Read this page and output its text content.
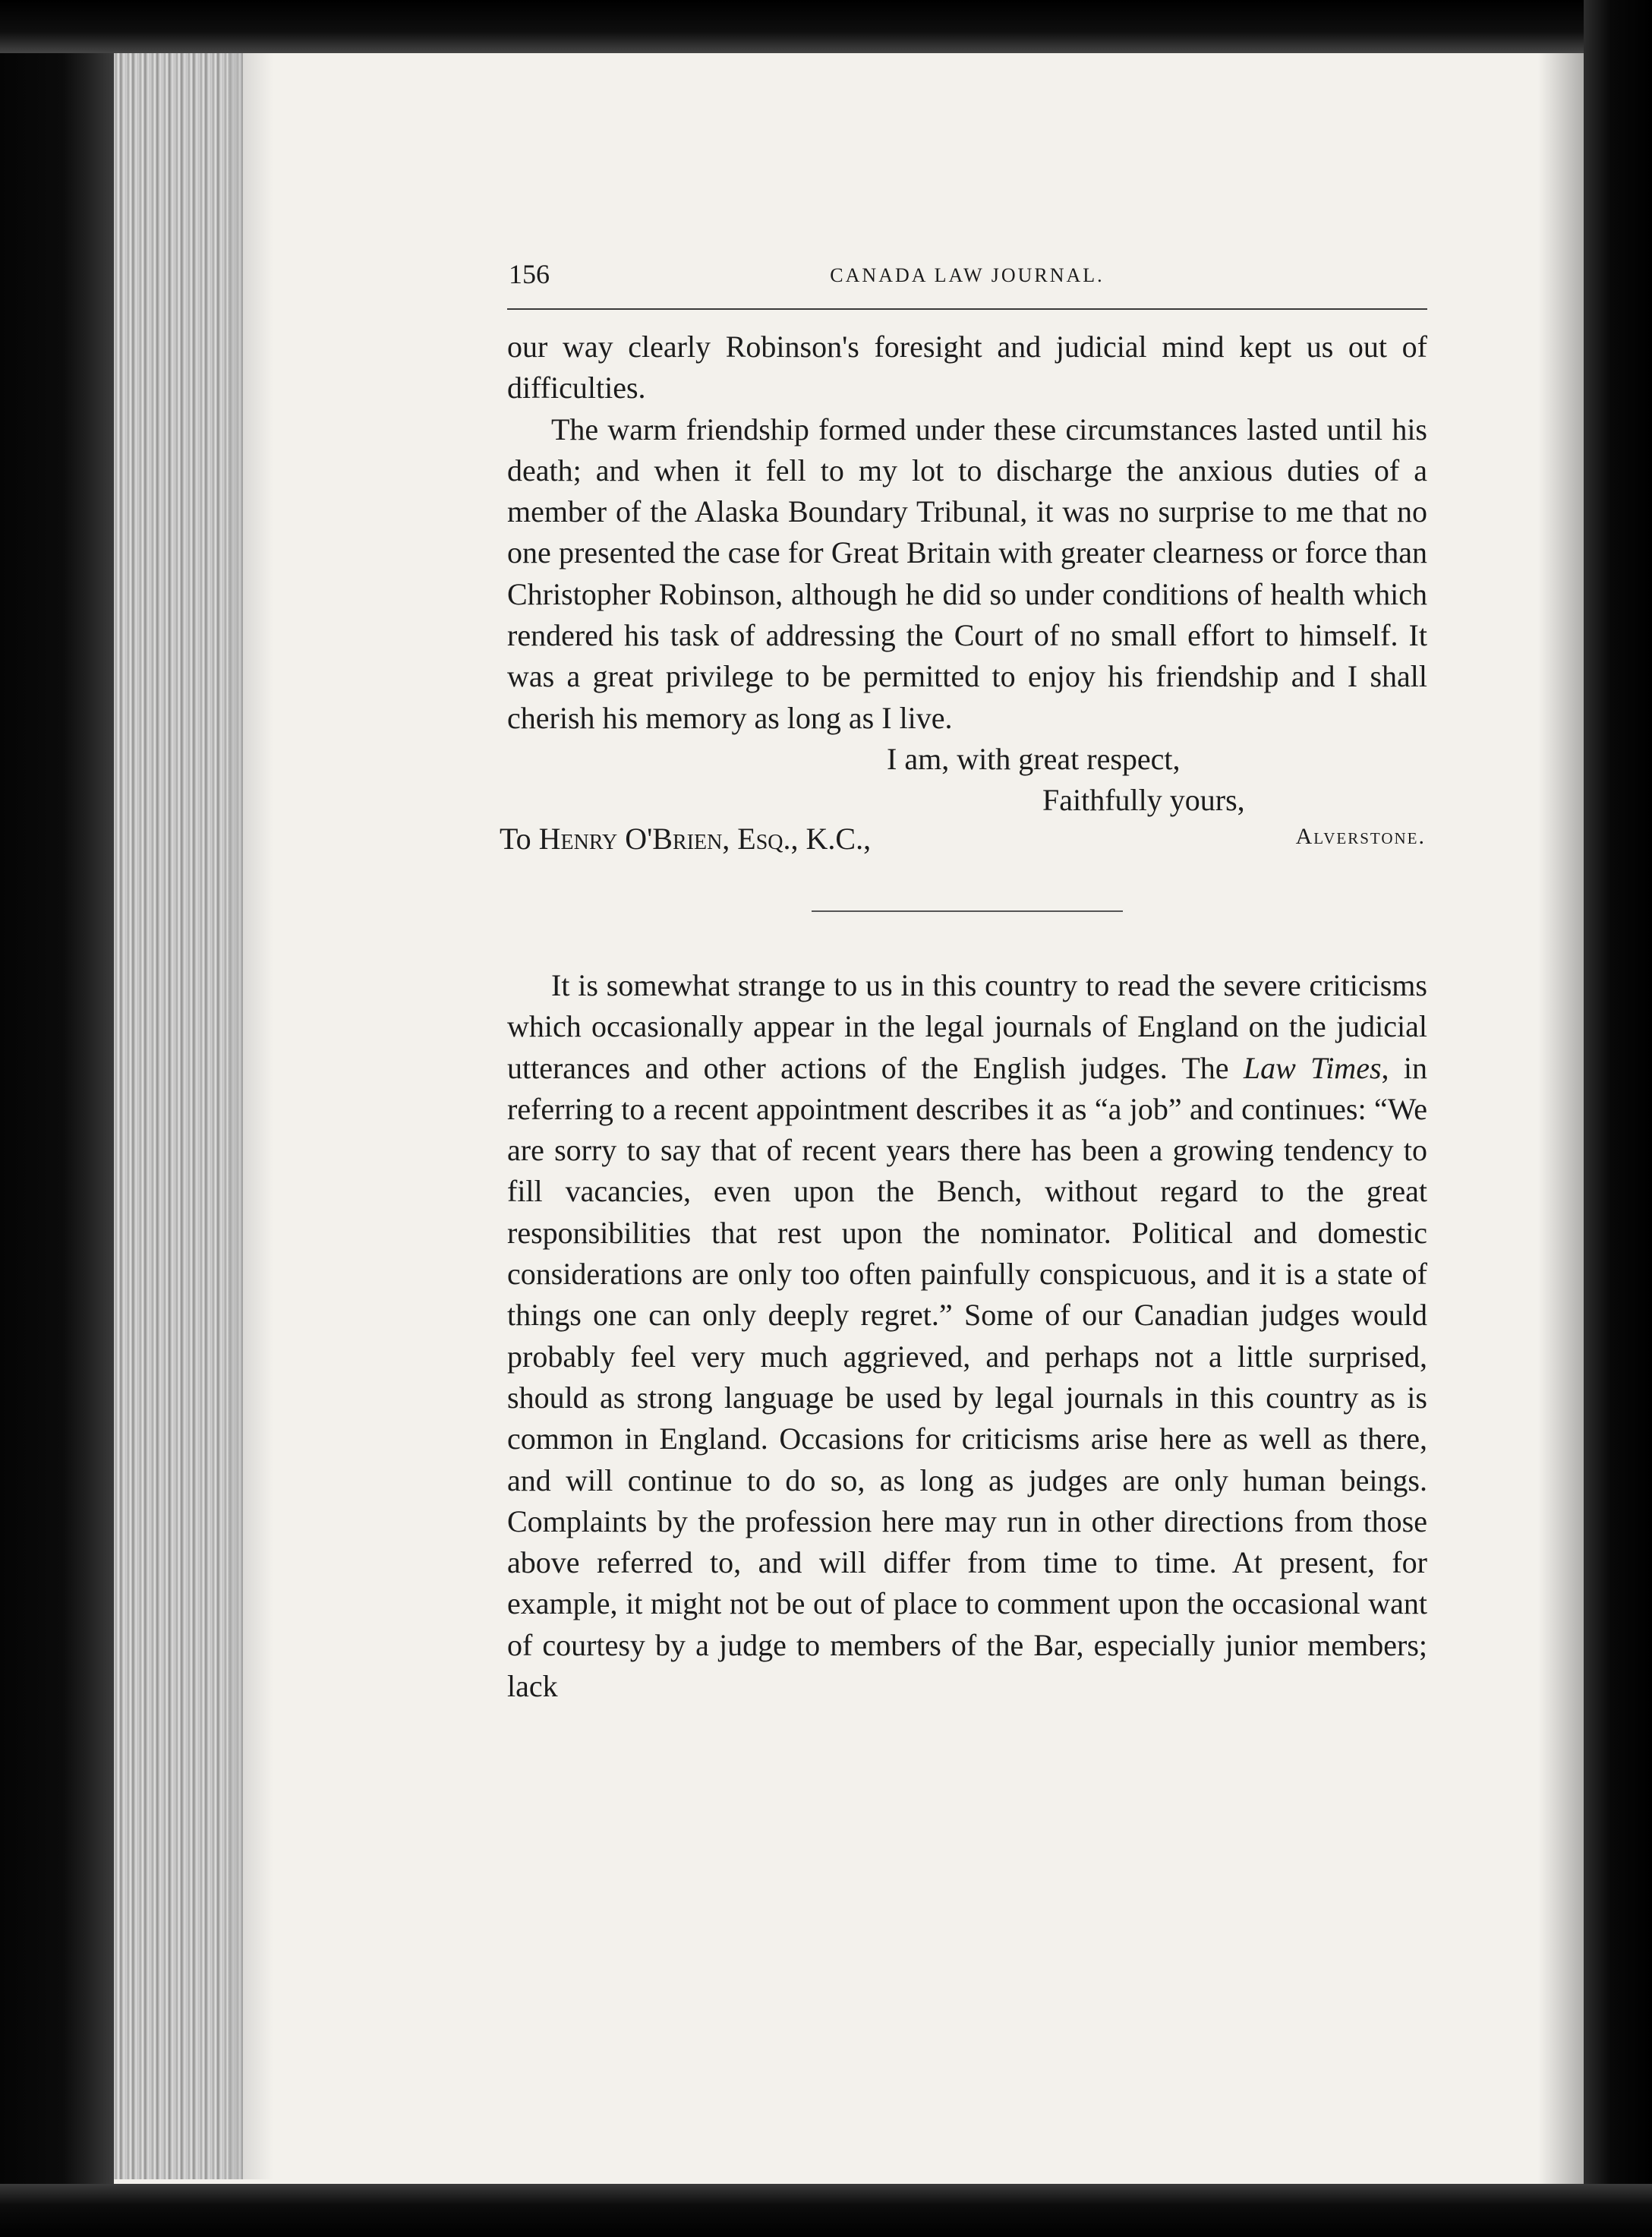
156	CANADA LAW JOURNAL.

our way clearly Robinson's foresight and judicial mind kept us out of difficulties.

The warm friendship formed under these circumstances lasted until his death; and when it fell to my lot to discharge the anxious duties of a member of the Alaska Boundary Tribunal, it was no surprise to me that no one presented the case for Great Britain with greater clearness or force than Christopher Robinson, although he did so under conditions of health which rendered his task of addressing the Court of no small effort to himself. It was a great privilege to be permitted to enjoy his friendship and I shall cherish his memory as long as I live.

I am, with great respect,
Faithfully yours,
To Henry O'Brien, Esq., K.C.,	Alverstone.

It is somewhat strange to us in this country to read the severe criticisms which occasionally appear in the legal journals of England on the judicial utterances and other actions of the English judges. The Law Times, in referring to a recent appointment describes it as “a job” and continues: “We are sorry to say that of recent years there has been a growing tendency to fill vacancies, even upon the Bench, without regard to the great responsibilities that rest upon the nominator. Political and domestic considerations are only too often painfully conspicuous, and it is a state of things one can only deeply regret.” Some of our Canadian judges would probably feel very much aggrieved, and perhaps not a little surprised, should as strong language be used by legal journals in this country as is common in England. Occasions for criticisms arise here as well as there, and will continue to do so, as long as judges are only human beings. Complaints by the profession here may run in other directions from those above referred to, and will differ from time to time. At present, for example, it might not be out of place to comment upon the occasional want of courtesy by a judge to members of the Bar, especially junior members; lack
